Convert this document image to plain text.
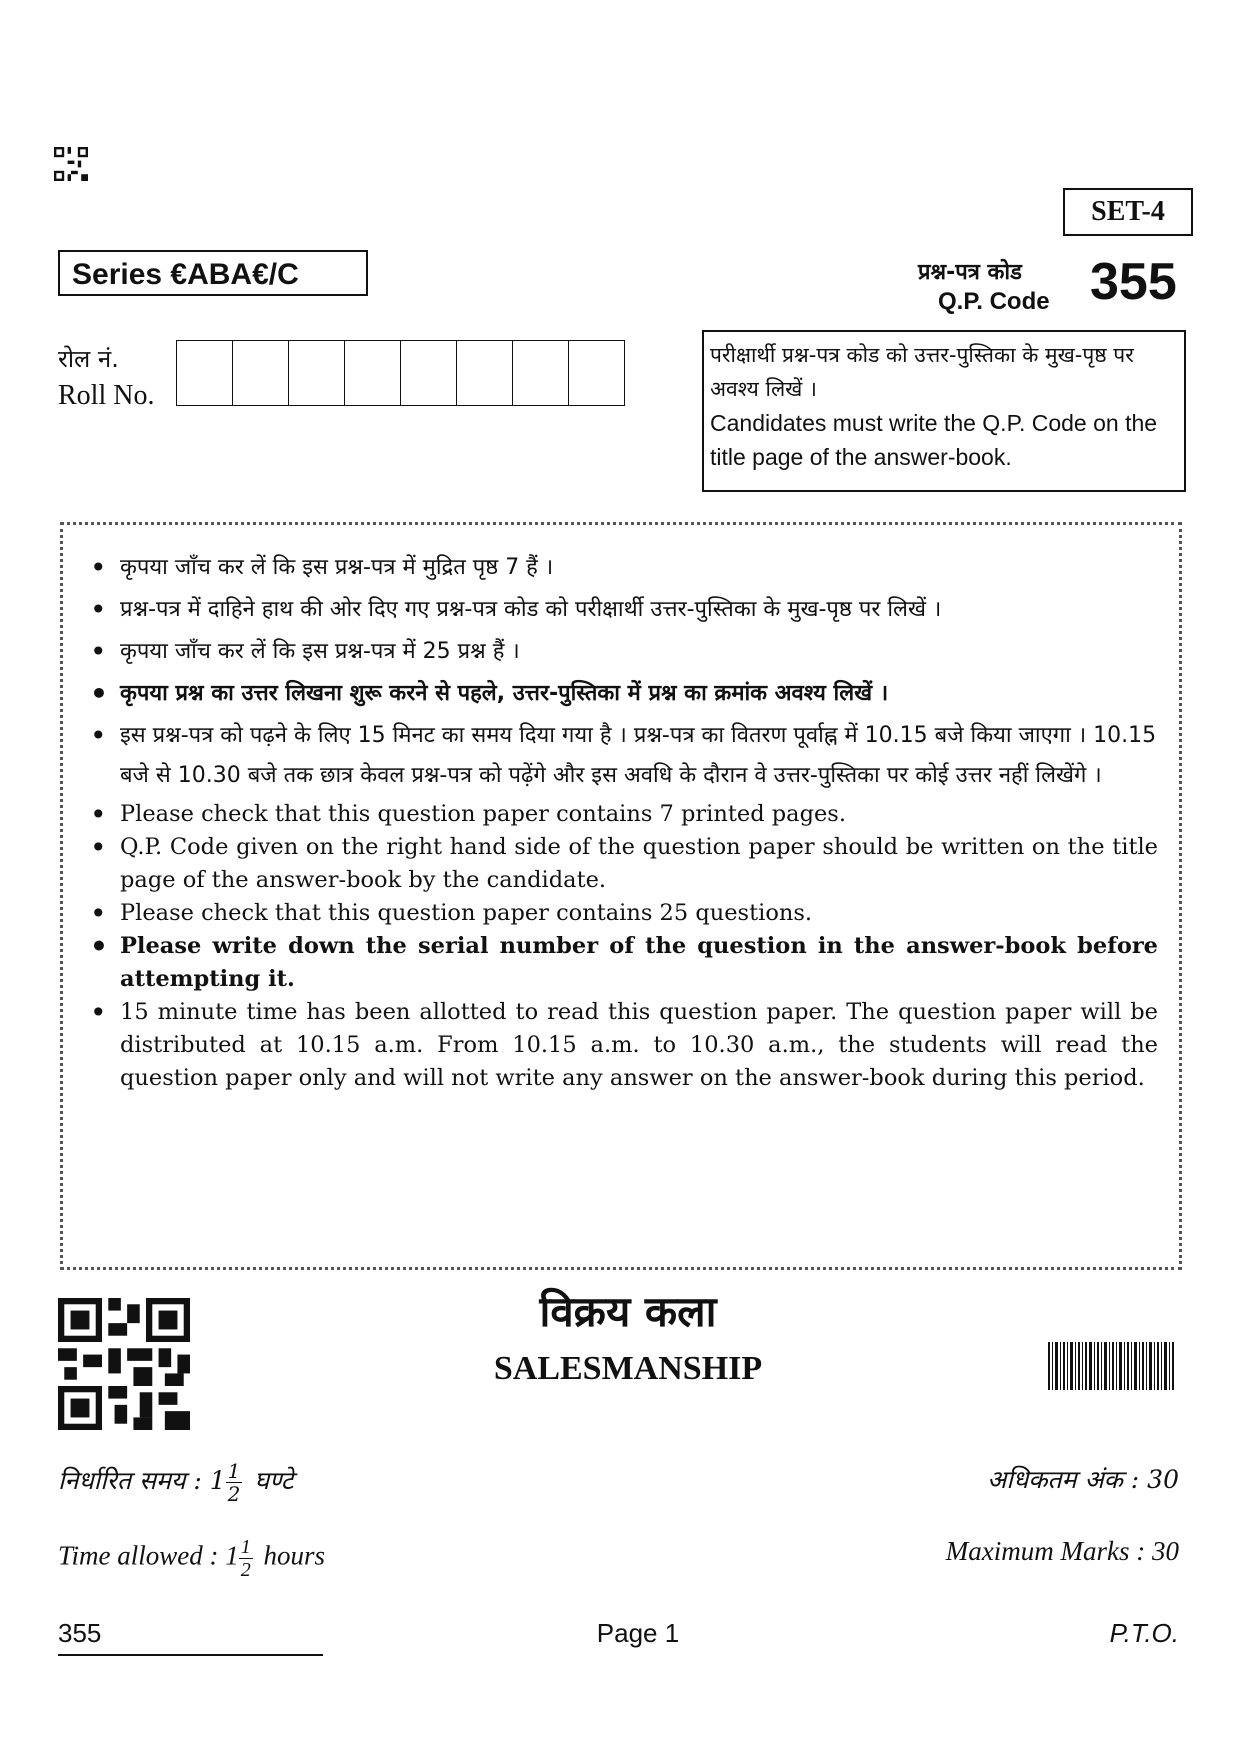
SET-4
Series €ABA€/C	प्रश्न-पत्र कोड
Q.P. Code 355
रोल नं.
Roll No.
परीक्षार्थी प्रश्न-पत्र कोड को उत्तर-पुस्तिका के मुख-पृष्ठ पर अवश्य लिखें ।
Candidates must write the Q.P. Code on the title page of the answer-book.
• कृपया जाँच कर लें कि इस प्रश्न-पत्र में मुद्रित पृष्ठ 7 हैं ।
• प्रश्न-पत्र में दाहिने हाथ की ओर दिए गए प्रश्न-पत्र कोड को परीक्षार्थी उत्तर-पुस्तिका के मुख-पृष्ठ पर लिखें ।
• कृपया जाँच कर लें कि इस प्रश्न-पत्र में 25 प्रश्न हैं ।
• कृपया प्रश्न का उत्तर लिखना शुरू करने से पहले, उत्तर-पुस्तिका में प्रश्न का क्रमांक अवश्य लिखें ।
• इस प्रश्न-पत्र को पढ़ने के लिए 15 मिनट का समय दिया गया है । प्रश्न-पत्र का वितरण पूर्वाह्न में 10.15 बजे किया जाएगा । 10.15 बजे से 10.30 बजे तक छात्र केवल प्रश्न-पत्र को पढ़ेंगे और इस अवधि के दौरान वे उत्तर-पुस्तिका पर कोई उत्तर नहीं लिखेंगे ।
• Please check that this question paper contains 7 printed pages.
• Q.P. Code given on the right hand side of the question paper should be written on the title page of the answer-book by the candidate.
• Please check that this question paper contains 25 questions.
• Please write down the serial number of the question in the answer-book before attempting it.
• 15 minute time has been allotted to read this question paper. The question paper will be distributed at 10.15 a.m. From 10.15 a.m. to 10.30 a.m., the students will read the question paper only and will not write any answer on the answer-book during this period.
विक्रय कला
SALESMANSHIP
निर्धारित समय : $1 \frac{1}{2}$ घण्टे
Time allowed : $1 \frac{1}{2}$ hours
अधिकतम अंक : 30
Maximum Marks : 30
355	Page 1	P.T.O.
